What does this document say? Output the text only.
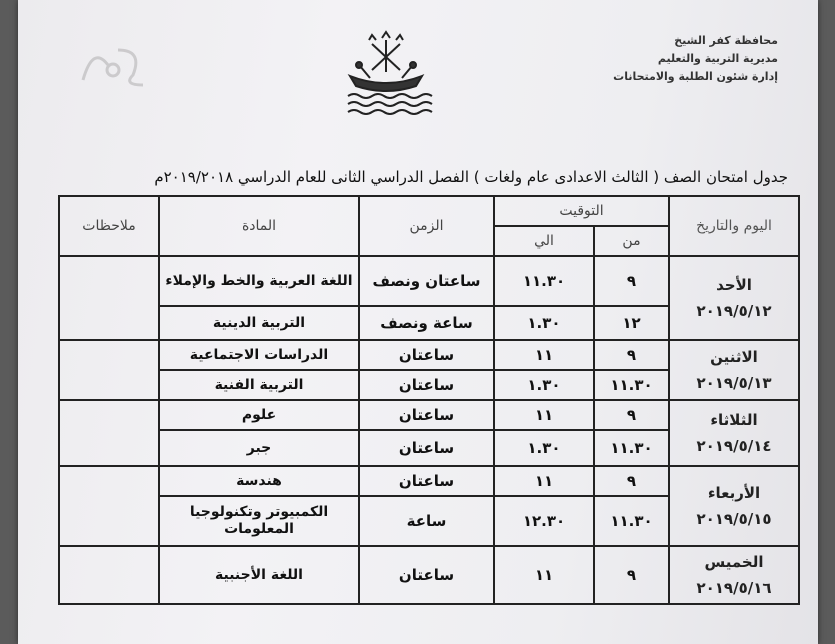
محافظة كفر الشيخ
مديرية التربية والتعليم
إدارة شئون الطلبة والامتحانات
جدول امتحان الصف ( الثالث الاعدادى عام ولغات ) الفصل الدراسي الثانى للعام الدراسي ٢٠١٩/٢٠١٨م
اليوم والتاريخ	التوقيت		الزمن	المادة	ملاحظات
	من	الي			

الأحد
٢٠١٩/٥/١٢	٩	١١.٣٠	ساعتان ونصف	اللغة العربية والخط والإملاء	
	١٢	١.٣٠	ساعة ونصف	التربية الدينية	

الاثنين
٢٠١٩/٥/١٣	٩	١١	ساعتان	الدراسات الاجتماعية	
	١١.٣٠	١.٣٠	ساعتان	التربية الفنية	

الثلاثاء
٢٠١٩/٥/١٤	٩	١١	ساعتان	علوم	
	١١.٣٠	١.٣٠	ساعتان	جبر	

الأربعاء
٢٠١٩/٥/١٥	٩	١١	ساعتان	هندسة	
	١١.٣٠	١٢.٣٠	ساعة	الكمبيوتر وتكنولوجيا المعلومات	

الخميس
٢٠١٩/٥/١٦	٩	١١	ساعتان	اللغة الأجنبية	
